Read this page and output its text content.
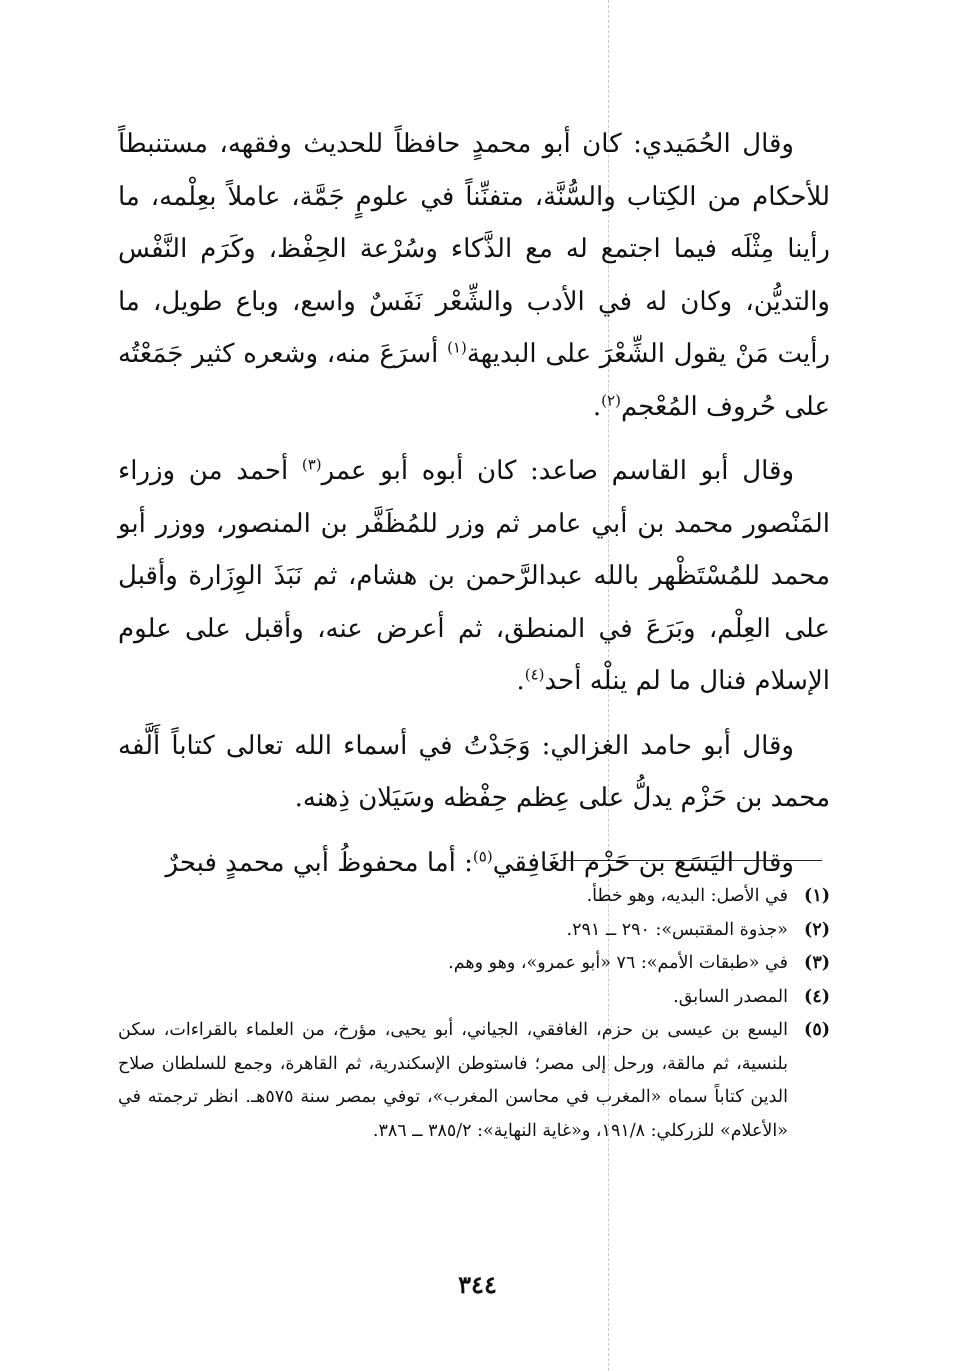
وقال الحُمَيدي: كان أبو محمدٍ حافظاً للحديث وفقهه، مستنبطاً للأحكام من الكِتاب والسُّنَّة، متفنِّناً في علومٍ جَمَّة، عاملاً بعِلْمه، ما رأينا مِثْلَه فيما اجتمع له مع الذَّكاء وسُرْعة الحِفْظ، وكَرَم النَّفْس والتديُّن، وكان له في الأدب والشِّعْر نَفَسٌ واسع، وباع طويل، ما رأيت مَنْ يقول الشِّعْرَ على البديهة$^{(١)}$ أسرَعَ منه، وشعره كثير جَمَعْتُه على حُروف المُعْجم$^{(٢)}$.

وقال أبو القاسم صاعد: كان أبوه أبو عمر$^{(٣)}$ أحمد من وزراء المَنْصور محمد بن أبي عامر ثم وزر للمُظَفَّر بن المنصور، ووزر أبو محمد للمُسْتَظْهر بالله عبدالرَّحمن بن هشام، ثم نَبَذَ الوِزَارة وأقبل على العِلْم، وبَرَعَ في المنطق، ثم أعرض عنه، وأقبل على علوم الإسلام فنال ما لم ينلْه أحد$^{(٤)}$.

وقال أبو حامد الغزالي: وَجَدْتُ في أسماء الله تعالى كتاباً أَلَّفه محمد بن حَزْم يدلُّ على عِظم حِفْظه وسَيَلان ذِهنه.

وقال اليَسَع بن حَزْم الغَافِقي$^{(٥)}$: أما محفوظُ أبي محمدٍ فبحرٌ

(١)
في الأصل: البديه، وهو خطأ.
(٢)
«جذوة المقتبس»: ٢٩٠ ــ ٢٩١.
(٣)
في «طبقات الأمم»: ٧٦ «أبو عمرو»، وهو وهم.
(٤)
المصدر السابق.
(٥)
اليسع بن عيسى بن حزم، الغافقي، الجياني، أبو يحيى، مؤرخ، من العلماء بالقراءات، سكن بلنسية، ثم مالقة، ورحل إلى مصر؛ فاستوطن الإسكندرية، ثم القاهرة، وجمع للسلطان صلاح الدين كتاباً سماه «المغرب في محاسن المغرب»، توفي بمصر سنة ٥٧٥هـ. انظر ترجمته في «الأعلام» للزركلي: ١٩١/٨، و«غاية النهاية»: ٣٨٥/٢ ــ ٣٨٦.
٣٤٤
